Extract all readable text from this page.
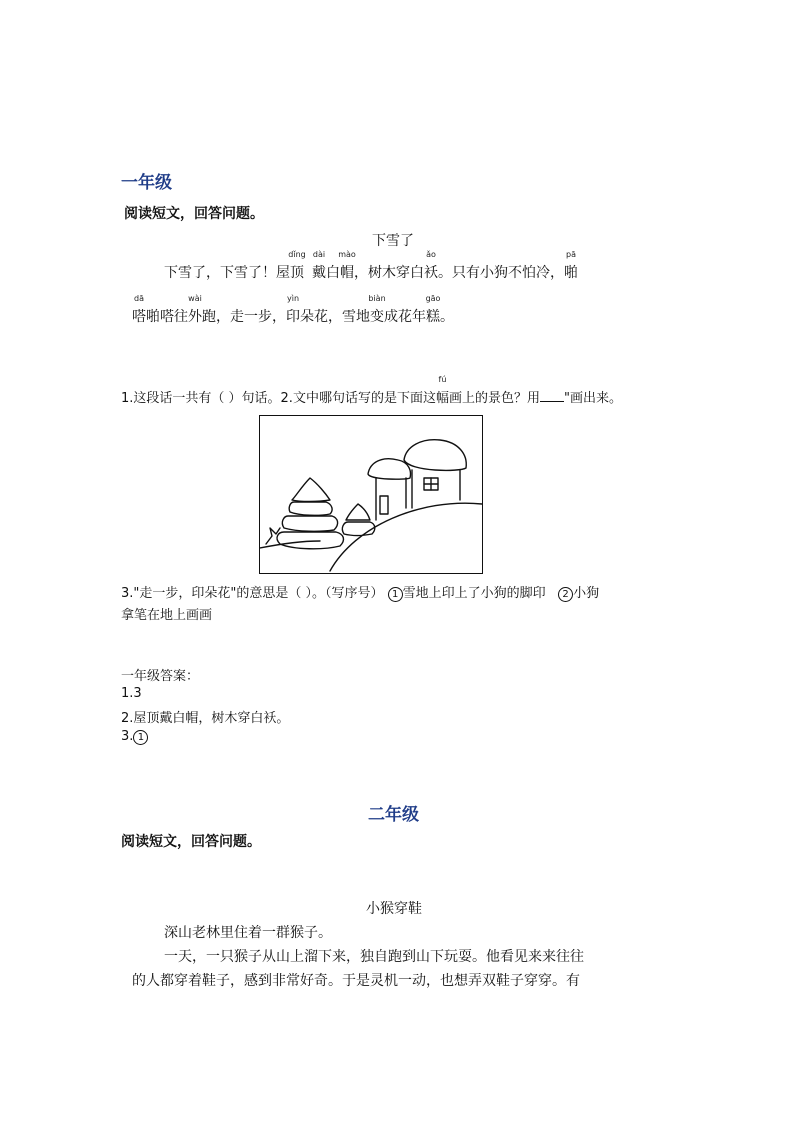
一年级
阅读短文，回答问题。
下雪了
下雪了，下雪了！屋
dǐng
顶
dài
戴白
mào
帽，树木穿白
ǎo
袄。只有小狗不怕冷，
pā
啪
dā
嗒啪嗒往
wài
外跑，走一步，
yìn
印朵花，雪地
biàn
变成花年
gāo
糕。
1.这段话一共有（ ）句话。2.文中哪句话写的是下面这
fú
幅画上的景色？用 "画出来。
3."走一步，印朵花"的意思是（ ）。（写序号） 1 雪地上印上了小狗的脚印 2 小狗
拿笔在地上画画
一年级答案：
1.3
2.屋顶戴白帽，树木穿白袄。
3. 1
二年级
阅读短文，回答问题。
小猴穿鞋
深山老林里住着一群猴子。
一天，一只猴子从山上溜下来，独自跑到山下玩耍。他看见来来往往
的人都穿着鞋子，感到非常好奇。于是灵机一动，也想弄双鞋子穿穿。有
